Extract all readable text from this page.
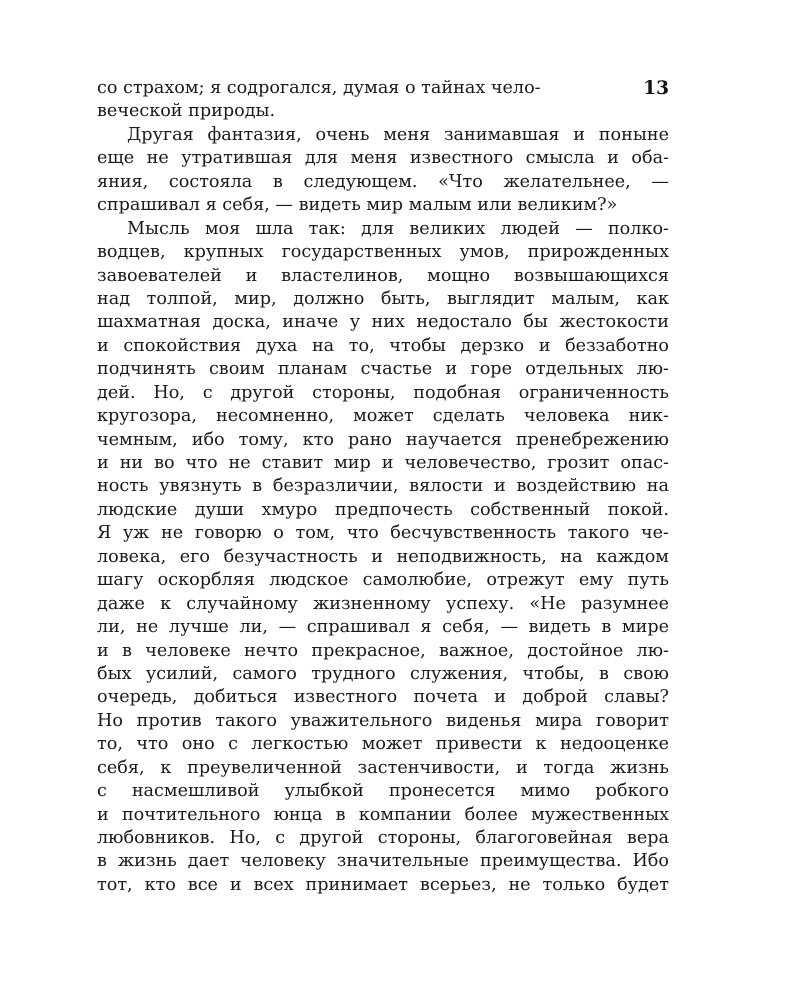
13
со страхом; я содрогался, думая о тайнах чело-
веческой природы.
Другая фантазия, очень меня занимавшая и поныне
еще не утратившая для меня известного смысла и оба-
яния, состояла в следующем. «Что желательнее, —
спрашивал я себя, — видеть мир малым или великим?»
Мысль моя шла так: для великих людей — полко-
водцев, крупных государственных умов, прирожденных
завоевателей и властелинов, мощно возвышающихся
над толпой, мир, должно быть, выглядит малым, как
шахматная доска, иначе у них недостало бы жестокости
и спокойствия духа на то, чтобы дерзко и беззаботно
подчинять своим планам счастье и горе отдельных лю-
дей. Но, с другой стороны, подобная ограниченность
кругозора, несомненно, может сделать человека ник-
чемным, ибо тому, кто рано научается пренебрежению
и ни во что не ставит мир и человечество, грозит опас-
ность увязнуть в безразличии, вялости и воздействию на
людские души хмуро предпочесть собственный покой.
Я уж не говорю о том, что бесчувственность такого че-
ловека, его безучастность и неподвижность, на каждом
шагу оскорбляя людское самолюбие, отрежут ему путь
даже к случайному жизненному успеху. «Не разумнее
ли, не лучше ли, — спрашивал я себя, — видеть в мире
и в человеке нечто прекрасное, важное, достойное лю-
бых усилий, самого трудного служения, чтобы, в свою
очередь, добиться известного почета и доброй славы?
Но против такого уважительного виденья мира говорит
то, что оно с легкостью может привести к недооценке
себя, к преувеличенной застенчивости, и тогда жизнь
с насмешливой улыбкой пронесется мимо робкого
и почтительного юнца в компании более мужественных
любовников. Но, с другой стороны, благоговейная вера
в жизнь дает человеку значительные преимущества. Ибо
тот, кто все и всех принимает всерьез, не только будет
